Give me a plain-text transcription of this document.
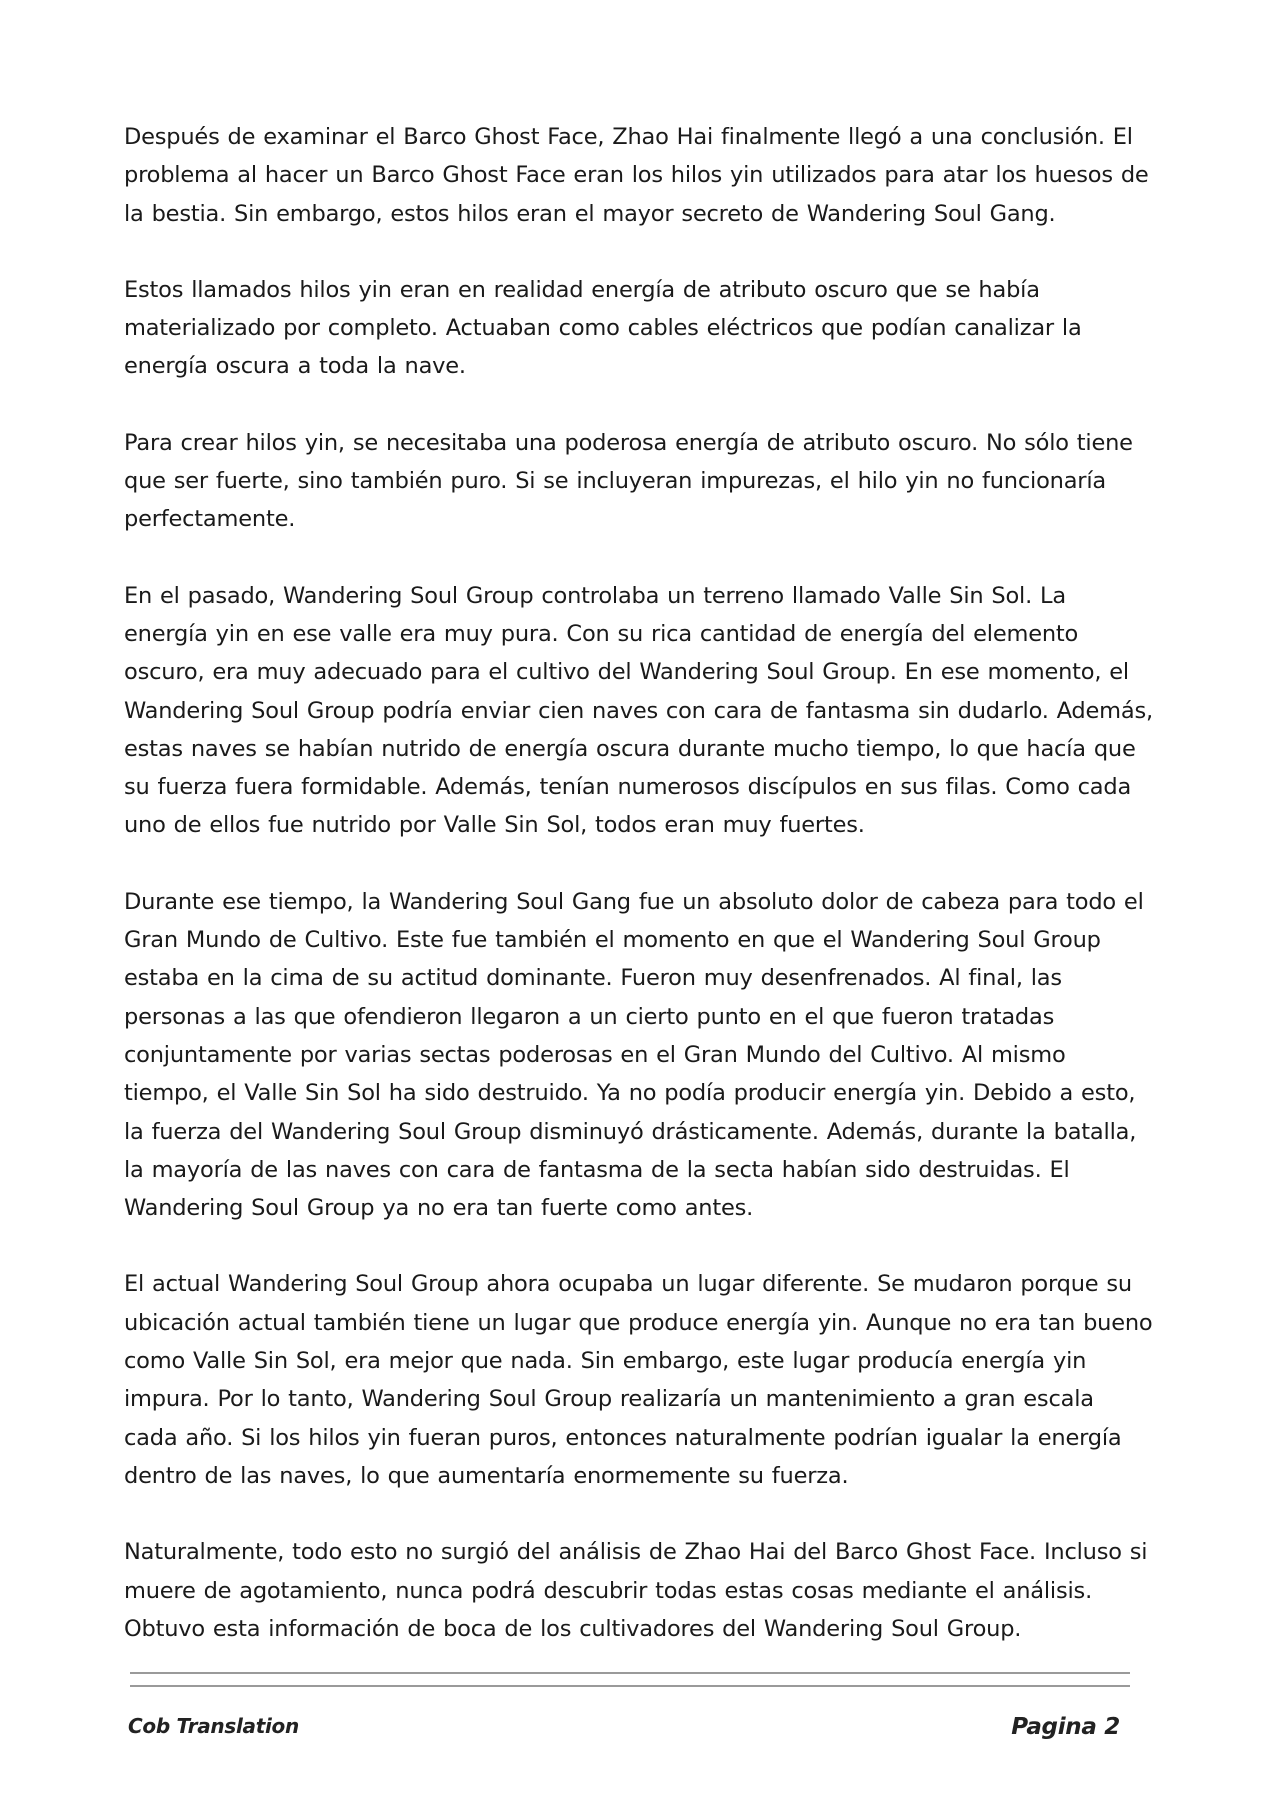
Después de examinar el Barco Ghost Face, Zhao Hai finalmente llegó a una conclusión. El problema al hacer un Barco Ghost Face eran los hilos yin utilizados para atar los huesos de la bestia. Sin embargo, estos hilos eran el mayor secreto de Wandering Soul Gang.

Estos llamados hilos yin eran en realidad energía de atributo oscuro que se había materializado por completo. Actuaban como cables eléctricos que podían canalizar la energía oscura a toda la nave.

Para crear hilos yin, se necesitaba una poderosa energía de atributo oscuro. No sólo tiene que ser fuerte, sino también puro. Si se incluyeran impurezas, el hilo yin no funcionaría perfectamente.

En el pasado, Wandering Soul Group controlaba un terreno llamado Valle Sin Sol. La energía yin en ese valle era muy pura. Con su rica cantidad de energía del elemento oscuro, era muy adecuado para el cultivo del Wandering Soul Group. En ese momento, el Wandering Soul Group podría enviar cien naves con cara de fantasma sin dudarlo. Además, estas naves se habían nutrido de energía oscura durante mucho tiempo, lo que hacía que su fuerza fuera formidable. Además, tenían numerosos discípulos en sus filas. Como cada uno de ellos fue nutrido por Valle Sin Sol, todos eran muy fuertes.

Durante ese tiempo, la Wandering Soul Gang fue un absoluto dolor de cabeza para todo el Gran Mundo de Cultivo. Este fue también el momento en que el Wandering Soul Group estaba en la cima de su actitud dominante. Fueron muy desenfrenados. Al final, las personas a las que ofendieron llegaron a un cierto punto en el que fueron tratadas conjuntamente por varias sectas poderosas en el Gran Mundo del Cultivo. Al mismo tiempo, el Valle Sin Sol ha sido destruido. Ya no podía producir energía yin. Debido a esto, la fuerza del Wandering Soul Group disminuyó drásticamente. Además, durante la batalla, la mayoría de las naves con cara de fantasma de la secta habían sido destruidas. El Wandering Soul Group ya no era tan fuerte como antes.

El actual Wandering Soul Group ahora ocupaba un lugar diferente. Se mudaron porque su ubicación actual también tiene un lugar que produce energía yin. Aunque no era tan bueno como Valle Sin Sol, era mejor que nada. Sin embargo, este lugar producía energía yin impura. Por lo tanto, Wandering Soul Group realizaría un mantenimiento a gran escala cada año. Si los hilos yin fueran puros, entonces naturalmente podrían igualar la energía dentro de las naves, lo que aumentaría enormemente su fuerza.

Naturalmente, todo esto no surgió del análisis de Zhao Hai del Barco Ghost Face. Incluso si muere de agotamiento, nunca podrá descubrir todas estas cosas mediante el análisis. Obtuvo esta información de boca de los cultivadores del Wandering Soul Group.

Cob Translation	Pagina 2
